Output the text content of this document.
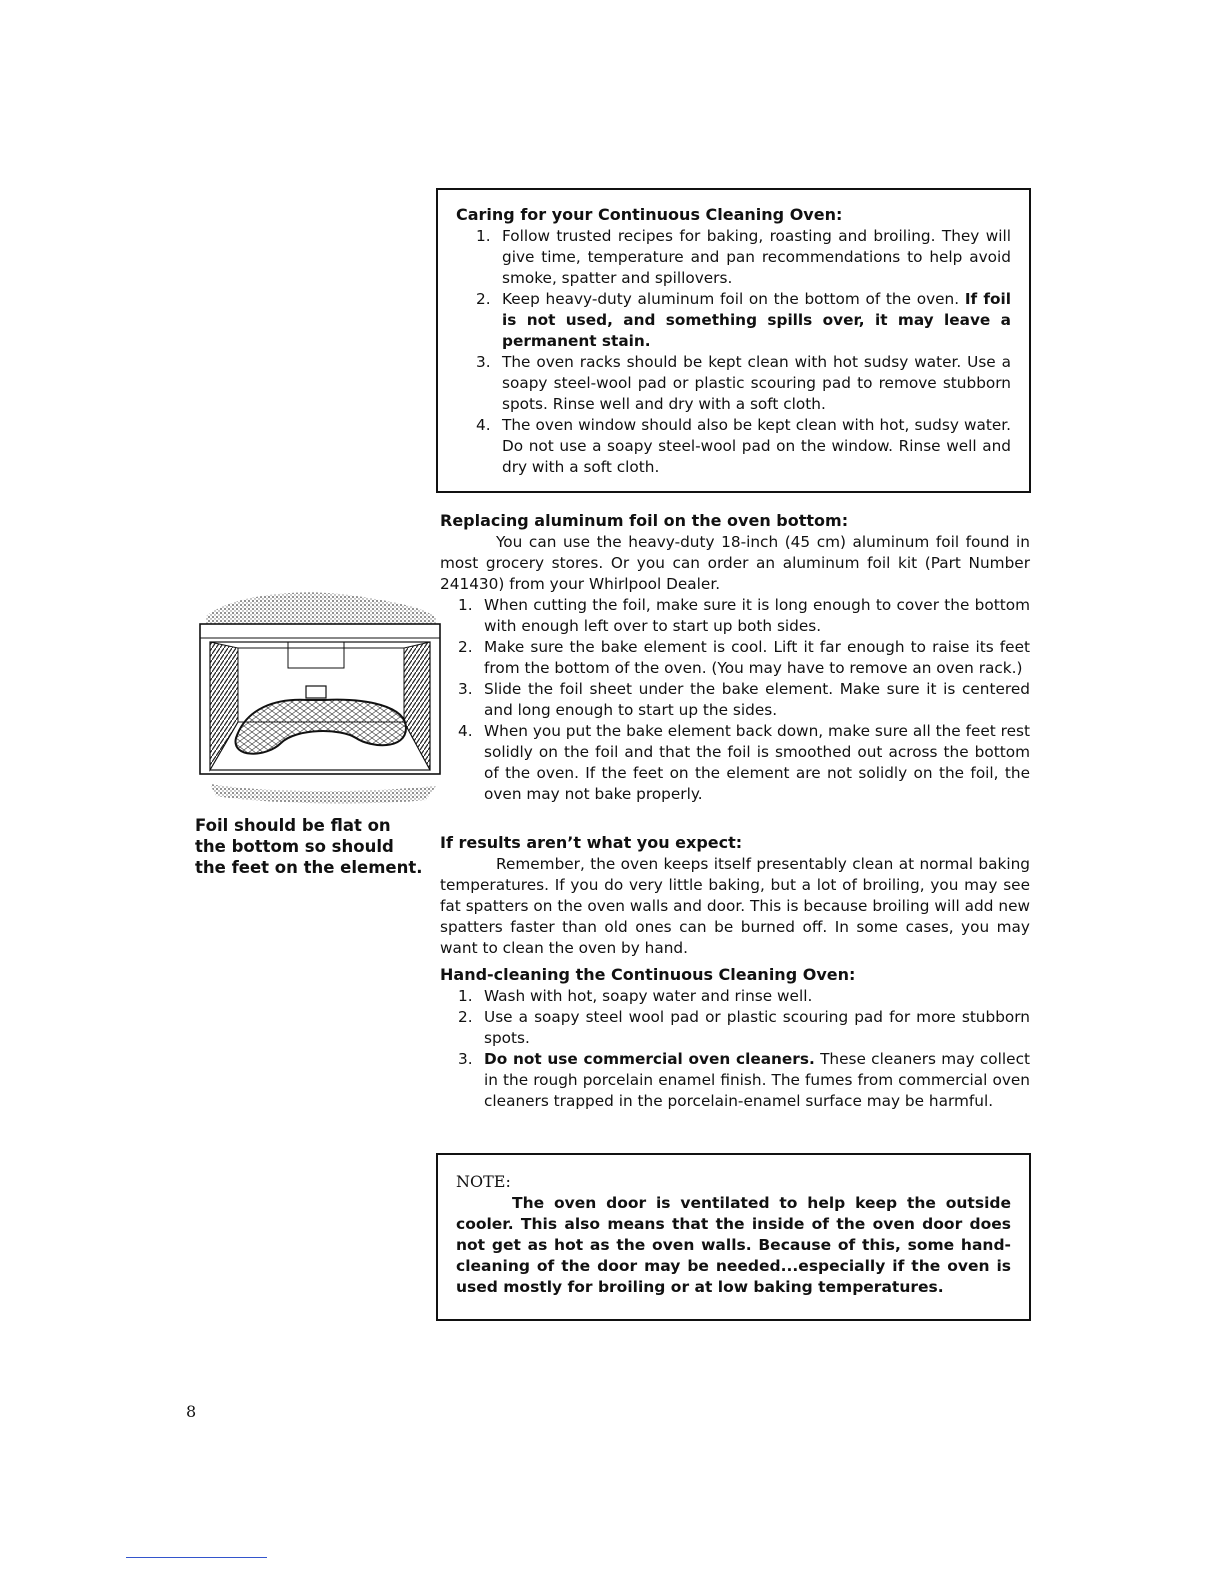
Caring for your Continuous Cleaning Oven:

1. Follow trusted recipes for baking, roasting and broiling. They will give time, temperature and pan recommendations to help avoid smoke, spatter and spillovers.
2. Keep heavy-duty aluminum foil on the bottom of the oven. If foil is not used, and something spills over, it may leave a permanent stain.
3. The oven racks should be kept clean with hot sudsy water. Use a soapy steel-wool pad or plastic scouring pad to remove stubborn spots. Rinse well and dry with a soft cloth.
4. The oven window should also be kept clean with hot, sudsy water. Do not use a soapy steel-wool pad on the window. Rinse well and dry with a soft cloth.

Replacing aluminum foil on the oven bottom:

You can use the heavy-duty 18-inch (45 cm) aluminum foil found in most grocery stores. Or you can order an aluminum foil kit (Part Number 241430) from your Whirlpool Dealer.

1. When cutting the foil, make sure it is long enough to cover the bottom with enough left over to start up both sides.
2. Make sure the bake element is cool. Lift it far enough to raise its feet from the bottom of the oven. (You may have to remove an oven rack.)
3. Slide the foil sheet under the bake element. Make sure it is centered and long enough to start up the sides.
4. When you put the bake element back down, make sure all the feet rest solidly on the foil and that the foil is smoothed out across the bottom of the oven. If the feet on the element are not solidly on the foil, the oven may not bake properly.

If results aren’t what you expect:

Remember, the oven keeps itself presentably clean at normal baking temperatures. If you do very little baking, but a lot of broiling, you may see fat spatters on the oven walls and door. This is because broiling will add new spatters faster than old ones can be burned off. In some cases, you may want to clean the oven by hand.

Hand-cleaning the Continuous Cleaning Oven:

1. Wash with hot, soapy water and rinse well.
2. Use a soapy steel wool pad or plastic scouring pad for more stubborn spots.
3. Do not use commercial oven cleaners. These cleaners may collect in the rough porcelain enamel finish. The fumes from commercial oven cleaners trapped in the porcelain-enamel surface may be harmful.

NOTE:

The oven door is ventilated to help keep the outside cooler. This also means that the inside of the oven door does not get as hot as the oven walls. Because of this, some hand-cleaning of the door may be needed...especially if the oven is used mostly for broiling or at low baking temperatures.

Foil should be flat on the bottom so should the feet on the element.
8
